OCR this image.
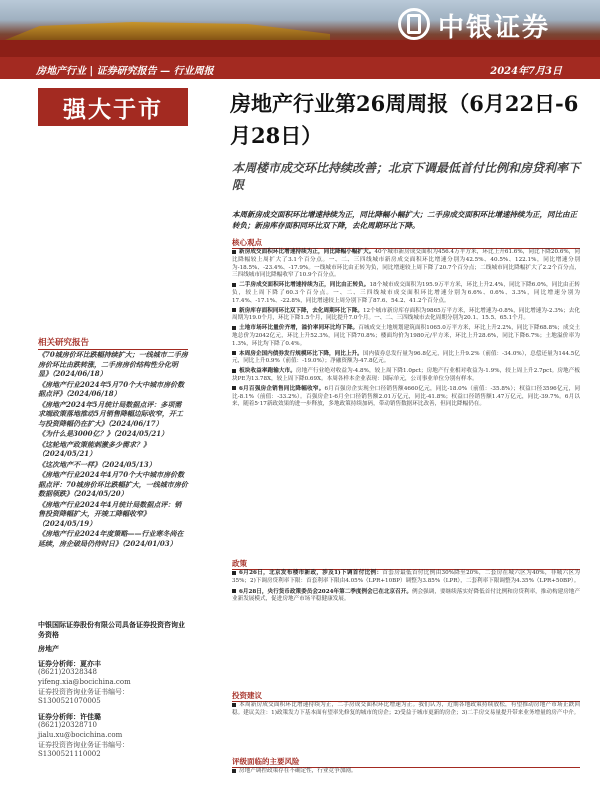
中银证券
房地产行业 | 证券研究报告 — 行业周报	2024年7月3日
强大于市	房地产行业第26周周报（6月22日-6月28日）
本周楼市成交环比持续改善；北京下调最低首付比例和房贷利率下限
本周新房成交面积环比增速持续为正，同比降幅小幅扩大；二手房成交面积环比增速持续为正，同比由正转负；新房库存面积同环比双下降，去化周期环比下降。
相关研究报告
《70城房价环比跌幅持续扩大；一线城市二手房房价环比由跌转涨，二手房房价结构性分化明显》（2024/06/18）
《房地产行业2024年5月70个大中城市房价数据点评》（2024/06/18）
《房地产2024年5月统计局数据点评：多项需求端政策落地推动5月销售降幅边际收窄，开工与投资降幅仍在扩大》（2024/06/17）
《为什么是3000亿？》（2024/05/21）
《这轮地产政策能刺激多少需求？》（2024/05/21）
《这次地产不一样》（2024/05/13）
《房地产行业2024年4月70个大中城市房价数据点评：70城房价环比跌幅扩大，一线城市房价数据领跌》（2024/05/20）
《房地产行业2024年4月统计局数据点评：销售投资降幅扩大，开竣工降幅收窄》（2024/05/19）
《房地产行业2024年度策略——行业寒冬尚在延续，房企破局仍待时日》（2024/01/03）
中银国际证券股份有限公司具备证券投资咨询业务资格
房地产
证券分析师：夏亦丰
(8621)20328348
yifeng.xia@bocichina.com
证券投资咨询业务证书编号：S1300521070005
证券分析师：许佳璐
(8621)20328710
jialu.xu@bocichina.com
证券投资咨询业务证书编号：S1300521110002
核心观点
新房成交面积环比增速持续为正，同比降幅小幅扩大。40个城市新房成交面积为456.4万平方米，环比上升61.6%，同比下降20.6%，同比降幅较上周扩大了3.1个百分点。一、二、三四线城市新房成交面积环比增速分别为42.5%、40.5%、122.1%，同比增速分别为-18.5%、-23.4%、-17.9%。一线城市环比由正转为负，同比增速较上周下降了20.7个百分点；二线城市同比降幅扩大了2.2个百分点，三四线城市同比降幅收窄了10.9个百分点。
二手房成交面积环比增速持续为正，同比由正转负。18个城市成交面积为195.9万平方米，环比上升2.4%，同比下降6.0%，同比由正转负，较上周下降了60.3个百分点。一、二、三四线城市成交面积环比增速分别为6.6%、0.6%、3.3%，同比增速分别为17.4%、-17.1%、-22.8%，同比增速较上周分别下降了87.6、54.2、41.2个百分点。
新房库存面积同环比双下降，去化周期环比下降。12个城市新房库存面积为9865万平方米，环比增速为-0.8%，同比增速为-2.3%；去化周期为19.0个月，环比下降1.5个月，同比提升7.0个月。一、二、三四线城市去化周期分别为20.1、15.5、65.1个月。
土地市场环比量价齐增，溢价率同环比均下降。百城成交土地规划建筑面积1065.0万平方米，环比上升2.2%，同比下降68.8%；成交土地总价为2042亿元，环比上升52.3%，同比下降70.8%；楼面均价为1980元/平方米，环比上升28.6%，同比下降6.7%；土地溢价率为1.3%，环比均下降了0.4%。
本周房企国内债券发行规模环比下降，同比上升。国内债券总发行量为96.8亿元，同比上升9.2%（前值：-34.0%），总偿还量为144.5亿元，同比上升0.9%（前值：-19.0%）；净融资额为-47.8亿元。
板块收益率跑输大市。房地产行业绝对收益为-4.8%，较上周下降1.0pct；房地产行业相对收益为-1.9%，较上周上升2.7pct。房地产板块PE为13.78X，较上周下降0.69X。本周各样本企业表现：国际单元，公司事业单位分别有样本。
6月百强房企销售同比降幅收窄。6月百强房企实现全口径销售额4660亿元，同比-18.0%（前值：-35.8%）；权益口径3596亿元，同比-8.1%（前值：-33.2%）。百强房企1-6月全口径销售额2.01万亿元，同比-41.8%；权益口径销售额1.47万亿元，同比-39.7%。6月以来，随着5·17新政效果的进一步释放，多地政策持续加码，带动销售数据环比改善，但同比降幅仍在。
政策
6月26日，北京发布楼市新政，涉及1)下调首付比例：首套房最低首付比例由30%降至20%，二套房在城六区为40%，非城六区为35%；2)下调房贷利率下限：首套利率下限由4.05%（LPR+10BP）调整为3.85%（LPR），二套利率下限调整为4.35%（LPR+50BP）。
6月28日，央行货币政策委员会2024年第二季度例会已在北京召开。例会强调，要继续落实好降低首付比例和房贷利率，推动构建房地产业新发展模式，促进房地产市场平稳健康发展。
投资建议
本周新房成交面积环比增速持续为正，二手房成交面积环比增速为正。我们认为，近期各地政策持续放松，有望推动房地产市场止跌回稳。建议关注：1)政策发力下基本面有望率先修复的城市的房企；2)受益于城市更新的房企；3)二手房交易量提升带来业务增量的房产中介。
评级面临的主要风险
房地产调控政策存在不确定性，行业竞争加剧。
